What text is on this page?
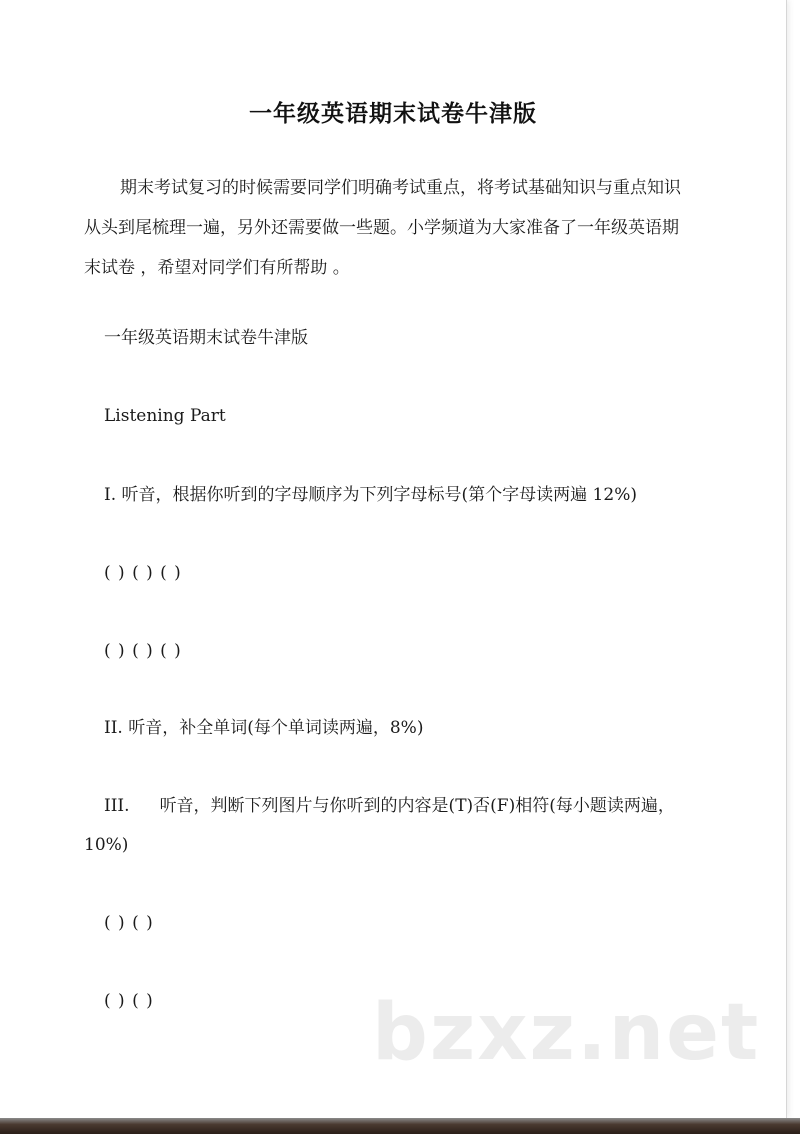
一年级英语期末试卷牛津版

期末考试复习的时候需要同学们明确考试重点，将考试基础知识与重点知识从头到尾梳理一遍，另外还需要做一些题。小学频道为大家准备了一年级英语期末试卷 ，希望对同学们有所帮助 。

一年级英语期末试卷牛津版

Listening Part

I. 听音，根据你听到的字母顺序为下列字母标号(第个字母读两遍 12%)

( ) ( ) ( )

( ) ( ) ( )

II. 听音，补全单词(每个单词读两遍，8%)

III. 听音，判断下列图片与你听到的内容是(T)否(F)相符(每小题读两遍，

10%)

( ) ( )

( ) ( )	bzxz.net
